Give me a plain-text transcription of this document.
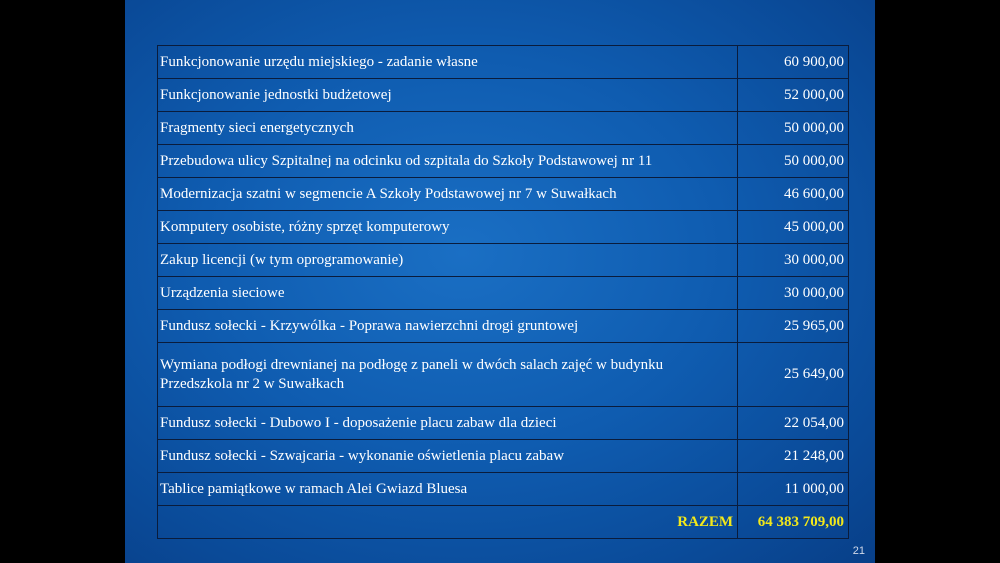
Funkcjonowanie urzędu miejskiego - zadanie własne	60 900,00
Funkcjonowanie jednostki budżetowej	52 000,00
Fragmenty sieci energetycznych	50 000,00
Przebudowa ulicy Szpitalnej na odcinku od szpitala do Szkoły Podstawowej nr 11	50 000,00
Modernizacja szatni w segmencie A Szkoły Podstawowej nr 7 w Suwałkach	46 600,00
Komputery osobiste, różny sprzęt komputerowy	45 000,00
Zakup licencji (w tym oprogramowanie)	30 000,00
Urządzenia sieciowe	30 000,00
Fundusz sołecki - Krzywólka - Poprawa nawierzchni drogi gruntowej	25 965,00
Wymiana podłogi drewnianej na podłogę z paneli w dwóch salach zajęć w budynku Przedszkola nr 2 w Suwałkach	25 649,00
Fundusz sołecki - Dubowo I - doposażenie placu zabaw dla dzieci	22 054,00
Fundusz sołecki - Szwajcaria - wykonanie oświetlenia placu zabaw	21 248,00
Tablice pamiątkowe w ramach Alei Gwiazd Bluesa	11 000,00
RAZEM	64 383 709,00
21
